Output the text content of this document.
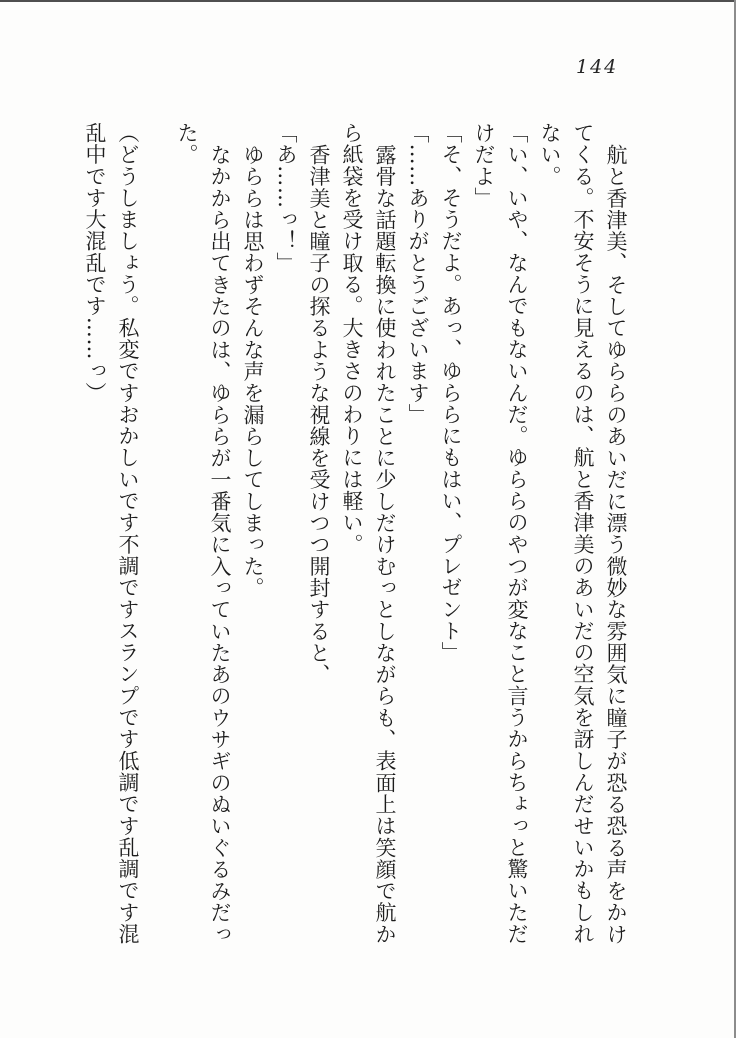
144
航と香津美、そしてゆららのあいだに漂う微妙な雰囲気に瞳子が恐る恐る声をかけ
てくる。不安そうに見えるのは、航と香津美のあいだの空気を訝しんだせいかもしれ
ない。
「い、いや、なんでもないんだ。ゆららのやつが変なこと言うからちょっと驚いただ
けだよ」
「そ、そうだよ。あっ、ゆららにもはい、プレゼント」
「……ありがとうございます」
露骨な話題転換に使われたことに少しだけむっとしながらも、表面上は笑顔で航か
ら紙袋を受け取る。大きさのわりには軽い。
香津美と瞳子の探るような視線を受けつつ開封すると、
「あ……っ！」
ゆららは思わずそんな声を漏らしてしまった。
なかから出てきたのは、ゆららが一番気に入っていたあのウサギのぬいぐるみだっ
た。
（どうしましょう。私変ですおかしいです不調ですスランプです低調です乱調です混
乱中です大混乱です……っ）
